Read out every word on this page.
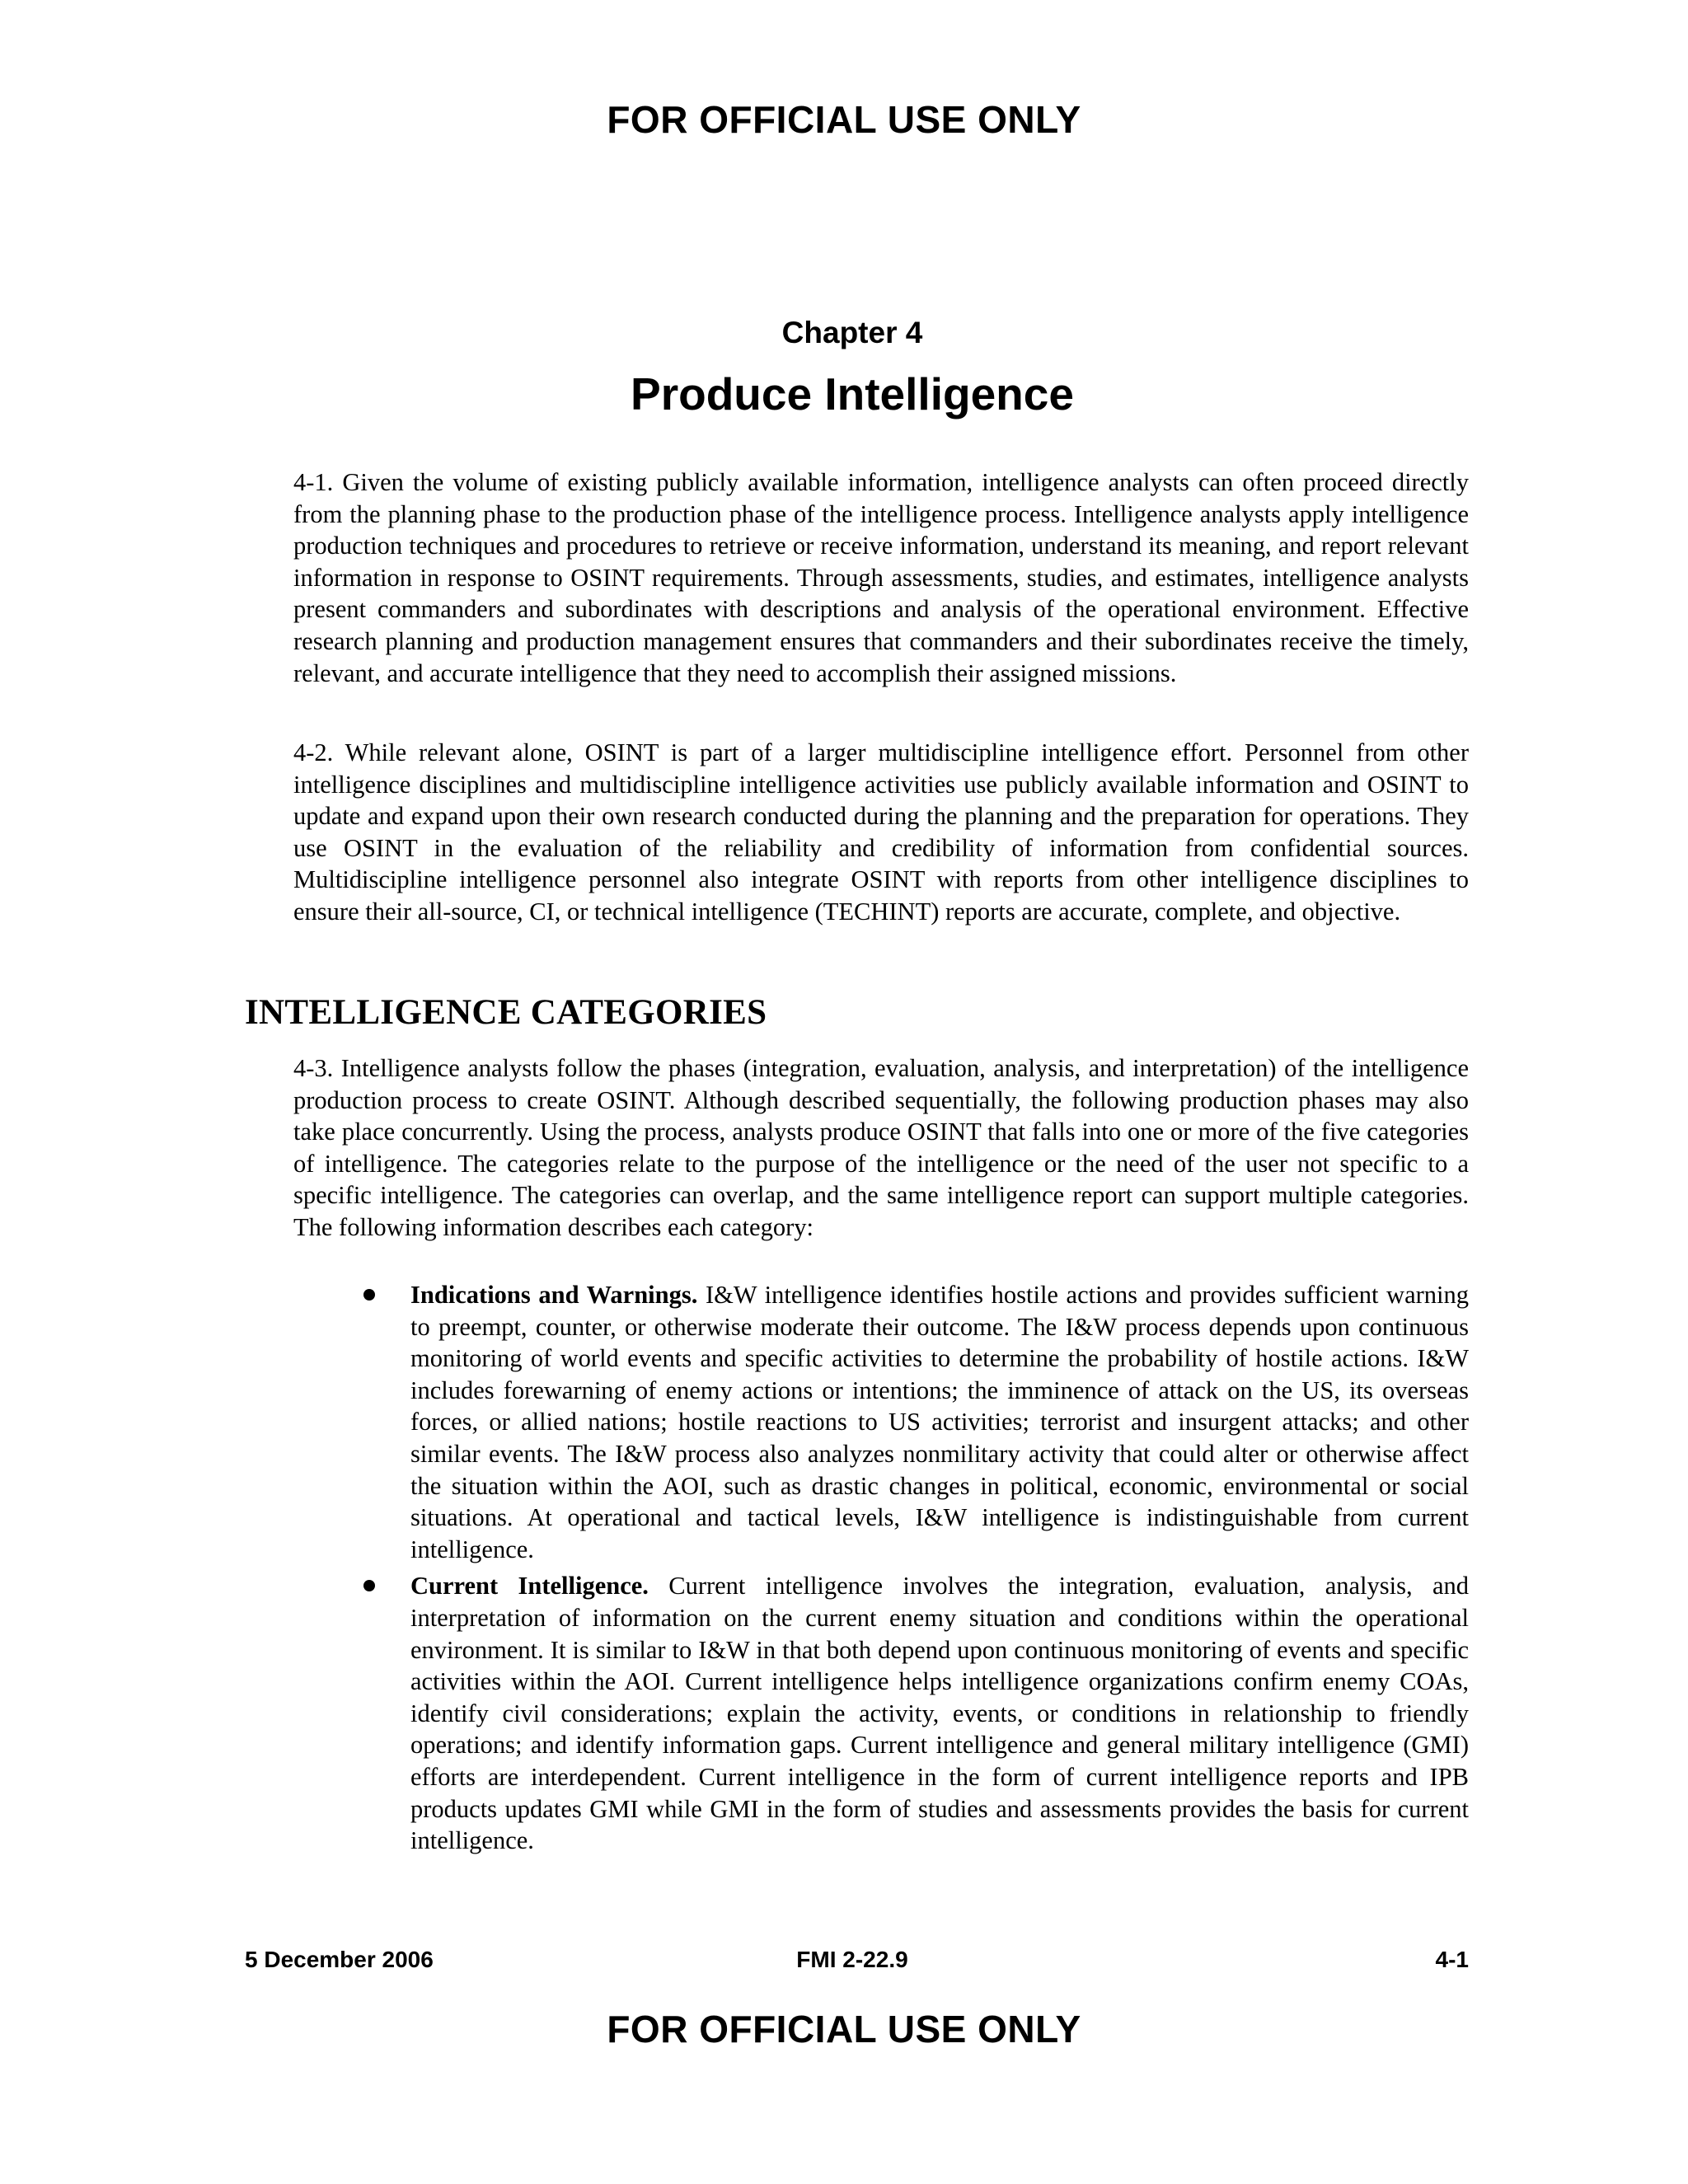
FOR OFFICIAL USE ONLY
Chapter 4
Produce Intelligence

4-1. Given the volume of existing publicly available information, intelligence analysts can often proceed directly from the planning phase to the production phase of the intelligence process. Intelligence analysts apply intelligence production techniques and procedures to retrieve or receive information, understand its meaning, and report relevant information in response to OSINT requirements. Through assessments, studies, and estimates, intelligence analysts present commanders and subordinates with descriptions and analysis of the operational environment. Effective research planning and production management ensures that commanders and their subordinates receive the timely, relevant, and accurate intelligence that they need to accomplish their assigned missions.

4-2. While relevant alone, OSINT is part of a larger multidiscipline intelligence effort. Personnel from other intelligence disciplines and multidiscipline intelligence activities use publicly available information and OSINT to update and expand upon their own research conducted during the planning and the preparation for operations. They use OSINT in the evaluation of the reliability and credibility of information from confidential sources. Multidiscipline intelligence personnel also integrate OSINT with reports from other intelligence disciplines to ensure their all-source, CI, or technical intelligence (TECHINT) reports are accurate, complete, and objective.

INTELLIGENCE CATEGORIES

4-3. Intelligence analysts follow the phases (integration, evaluation, analysis, and interpretation) of the intelligence production process to create OSINT. Although described sequentially, the following production phases may also take place concurrently. Using the process, analysts produce OSINT that falls into one or more of the five categories of intelligence. The categories relate to the purpose of the intelligence or the need of the user not specific to a specific intelligence. The categories can overlap, and the same intelligence report can support multiple categories. The following information describes each category:

Indications and Warnings. I&W intelligence identifies hostile actions and provides sufficient warning to preempt, counter, or otherwise moderate their outcome. The I&W process depends upon continuous monitoring of world events and specific activities to determine the probability of hostile actions. I&W includes forewarning of enemy actions or intentions; the imminence of attack on the US, its overseas forces, or allied nations; hostile reactions to US activities; terrorist and insurgent attacks; and other similar events. The I&W process also analyzes nonmilitary activity that could alter or otherwise affect the situation within the AOI, such as drastic changes in political, economic, environmental or social situations. At operational and tactical levels, I&W intelligence is indistinguishable from current intelligence.
Current Intelligence. Current intelligence involves the integration, evaluation, analysis, and interpretation of information on the current enemy situation and conditions within the operational environment. It is similar to I&W in that both depend upon continuous monitoring of events and specific activities within the AOI. Current intelligence helps intelligence organizations confirm enemy COAs, identify civil considerations; explain the activity, events, or conditions in relationship to friendly operations; and identify information gaps. Current intelligence and general military intelligence (GMI) efforts are interdependent. Current intelligence in the form of current intelligence reports and IPB products updates GMI while GMI in the form of studies and assessments provides the basis for current intelligence.
5 December 2006	FMI 2-22.9	4-1
FOR OFFICIAL USE ONLY
